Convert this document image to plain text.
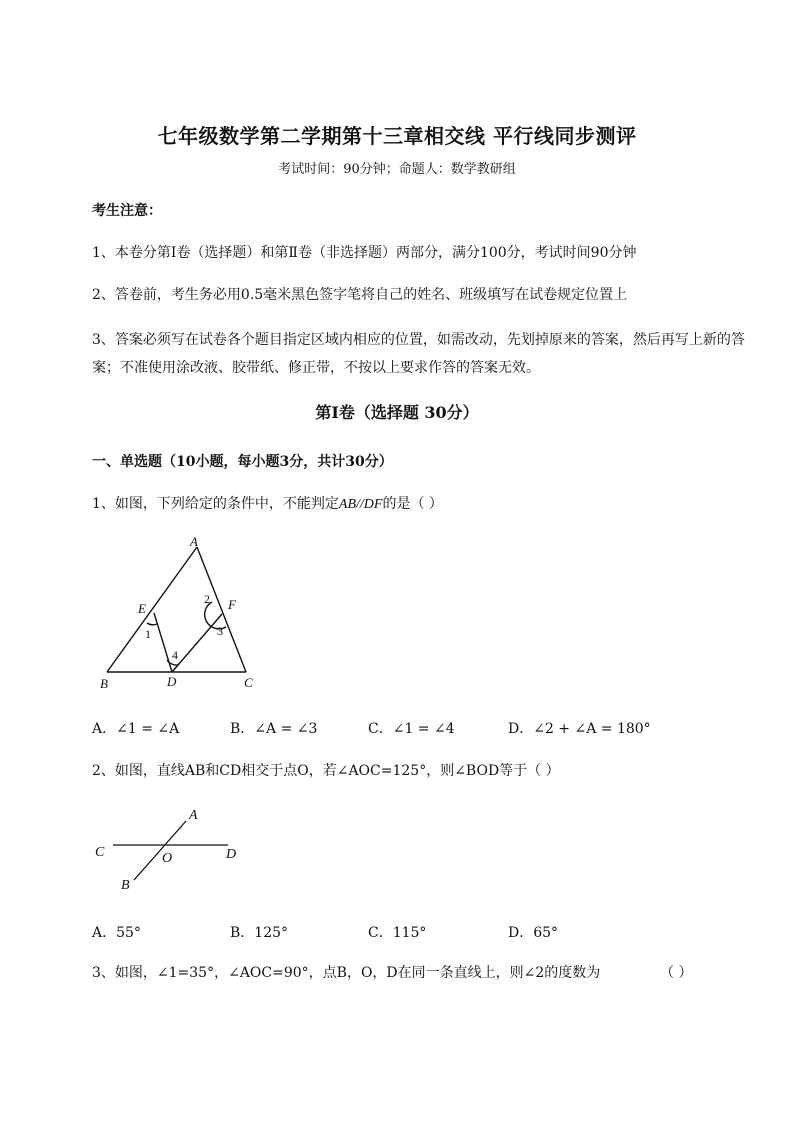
七年级数学第二学期第十三章相交线 平行线同步测评
考试时间：90分钟；命题人：数学教研组
考生注意：
1、本卷分第I卷（选择题）和第Ⅱ卷（非选择题）两部分，满分100分，考试时间90分钟
2、答卷前，考生务必用0.5毫米黑色签字笔将自己的姓名、班级填写在试卷规定位置上
3、答案必须写在试卷各个题目指定区域内相应的位置，如需改动，先划掉原来的答案，然后再写上新的答案；不准使用涂改液、胶带纸、修正带，不按以上要求作答的答案无效。
第I卷（选择题 30分）
一、单选题（10小题，每小题3分，共计30分）
1、如图，下列给定的条件中，不能判定AB//DF的是（ ）
A
B	C
D
E	F
1
2
3
4
A．∠1 = ∠A	B．∠A = ∠3	C．∠1 = ∠4	D．∠2 + ∠A = 180°
2、如图，直线AB和CD相交于点O，若∠AOC=125°，则∠BOD等于（ ）
A
B
C	D
O
A．55°	B．125°	C．115°	D．65°
3、如图，∠1=35°，∠AOC=90°，点B，O，D在同一条直线上，则∠2的度数为	（ ）
